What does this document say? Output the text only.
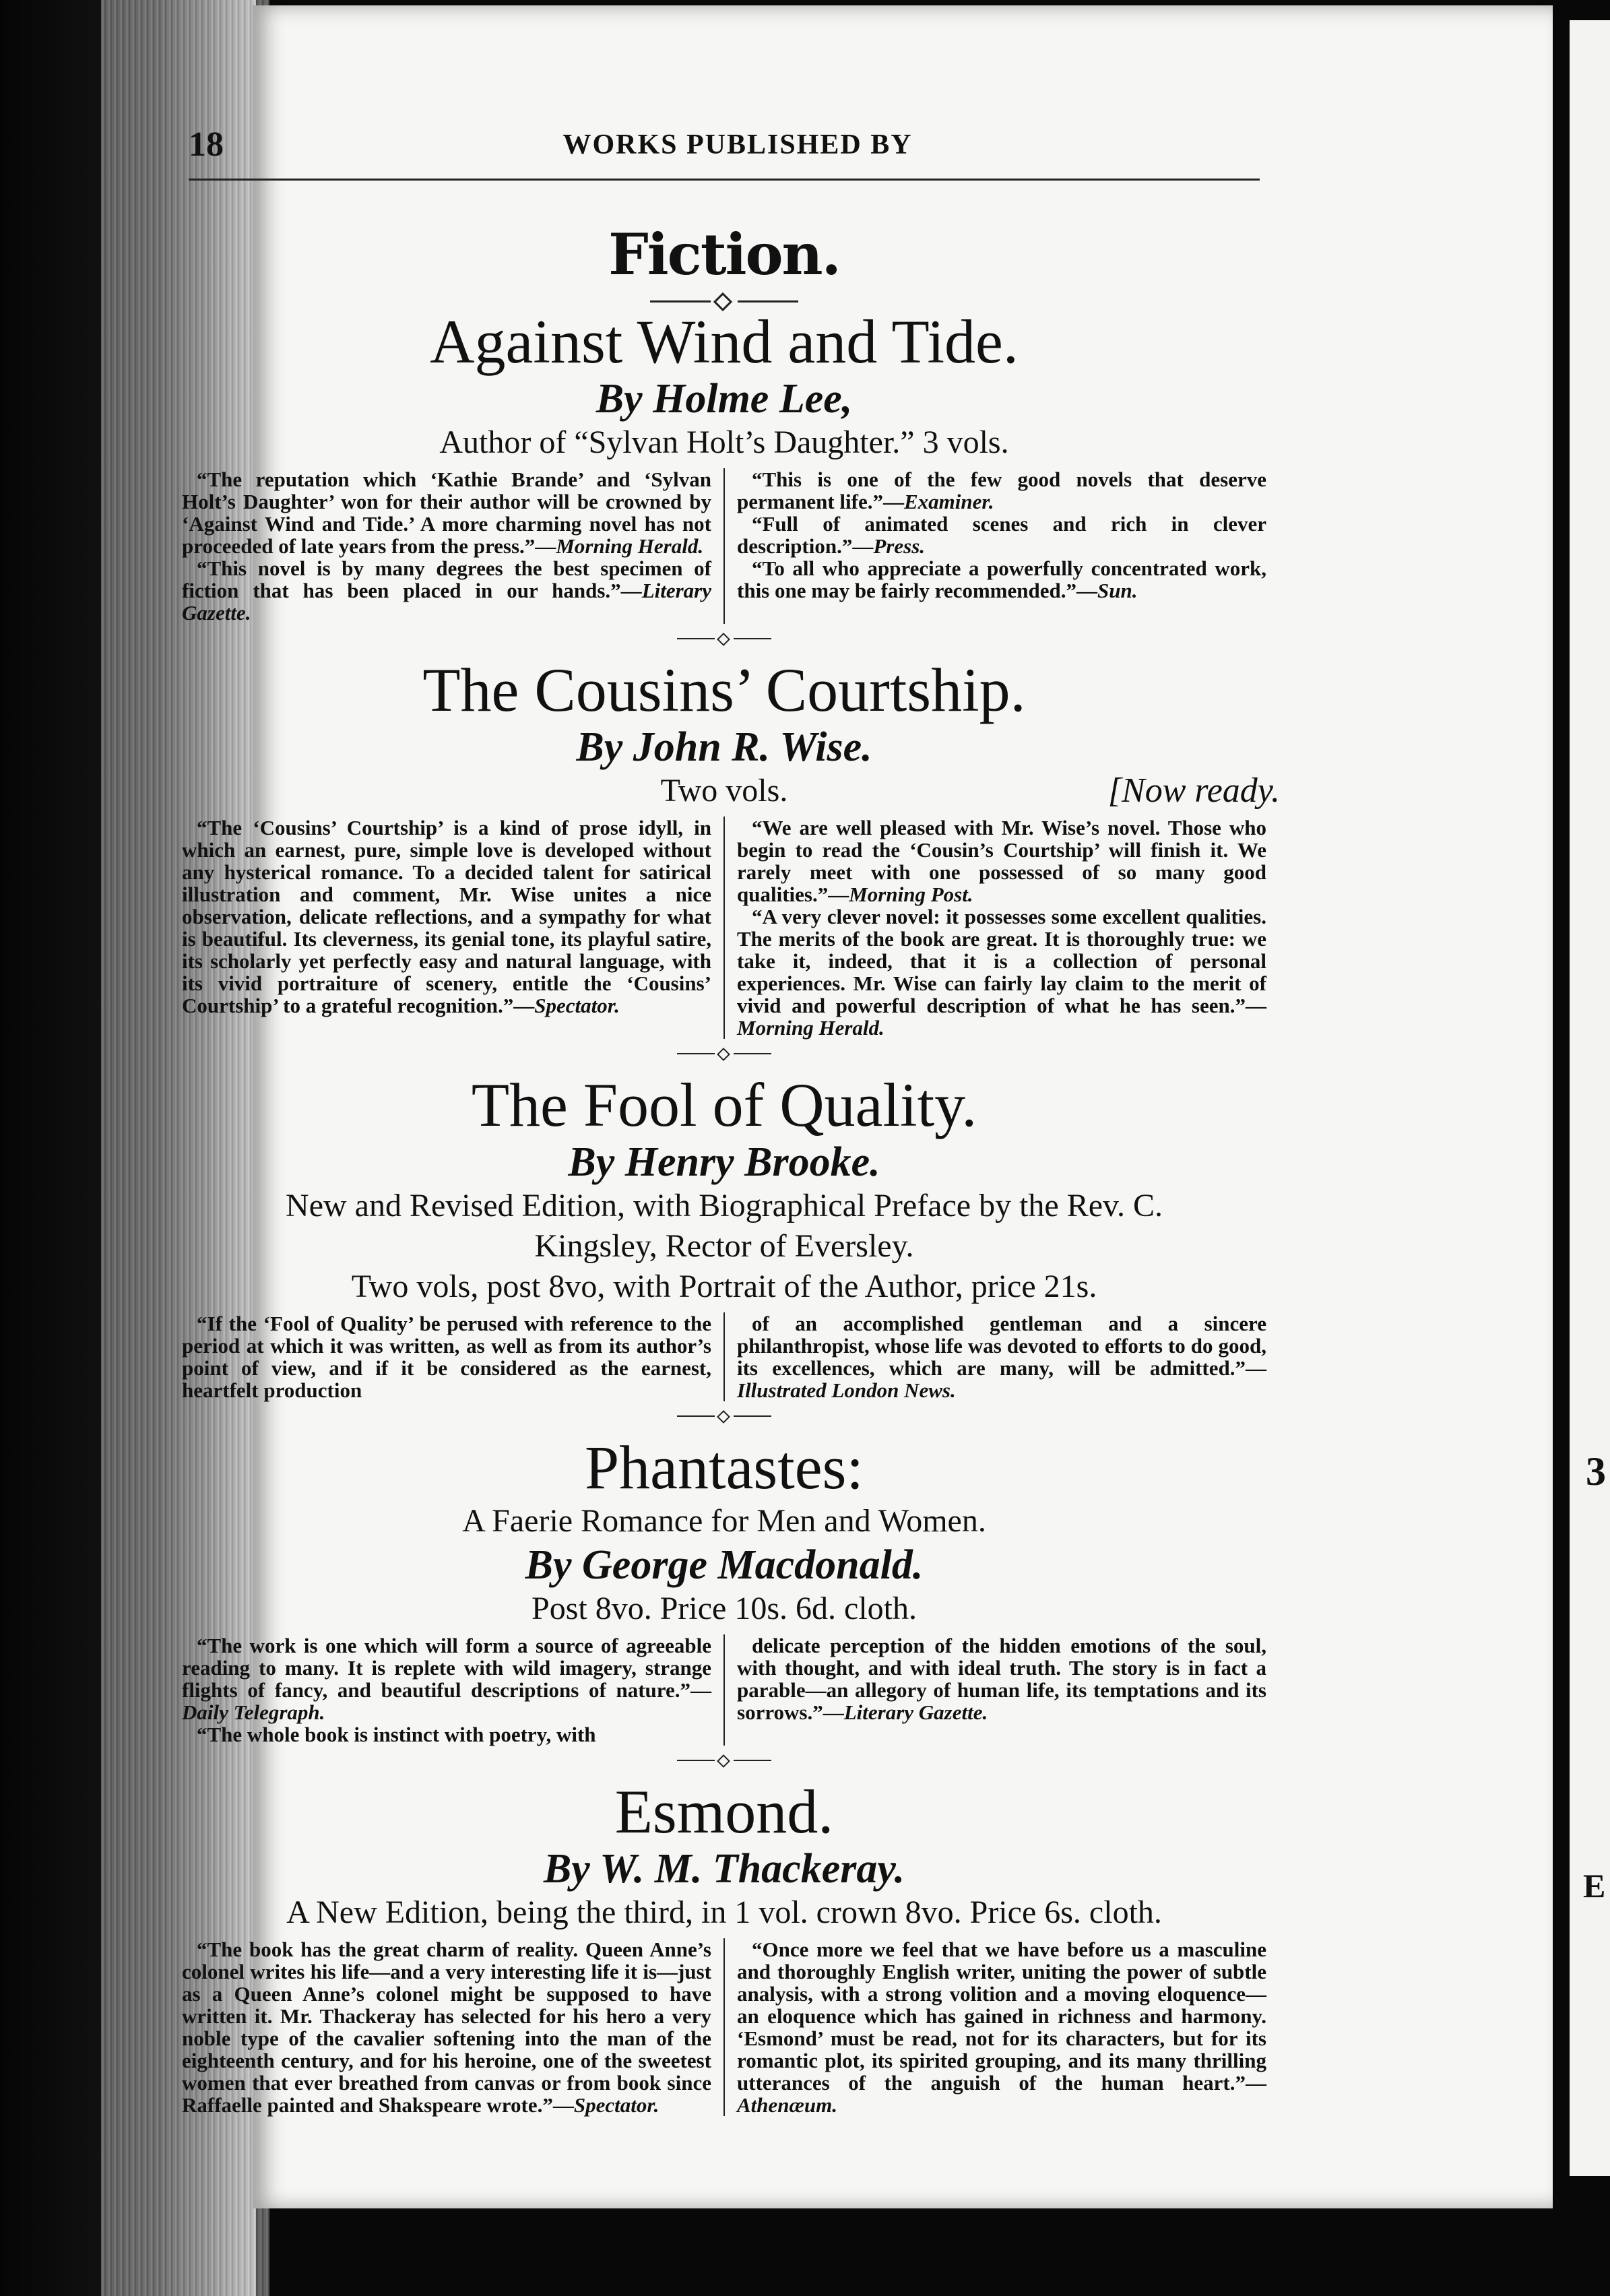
3
E
18	WORKS PUBLISHED BY
Fiction.
Against Wind and Tide.
By Holme Lee,
Author of “Sylvan Holt’s Daughter.” 3 vols.

“The reputation which ‘Kathie Brande’ and ‘Sylvan Holt’s Daughter’ won for their author will be crowned by ‘Against Wind and Tide.’ A more charming novel has not proceeded of late years from the press.”—Morning Herald.

“This novel is by many degrees the best specimen of fiction that has been placed in our hands.”—Literary Gazette.

“This is one of the few good novels that deserve permanent life.”—Examiner.

“Full of animated scenes and rich in clever description.”—Press.

“To all who appreciate a powerfully concentrated work, this one may be fairly recommended.”—Sun.

The Cousins’ Courtship.
By John R. Wise.
Two vols.	[Now ready.

“The ‘Cousins’ Courtship’ is a kind of prose idyll, in which an earnest, pure, simple love is developed without any hysterical romance. To a decided talent for satirical illustration and comment, Mr. Wise unites a nice observation, delicate reflections, and a sympathy for what is beautiful. Its cleverness, its genial tone, its playful satire, its scholarly yet perfectly easy and natural language, with its vivid portraiture of scenery, entitle the ‘Cousins’ Courtship’ to a grateful recognition.”—Spectator.

“We are well pleased with Mr. Wise’s novel. Those who begin to read the ‘Cousin’s Courtship’ will finish it. We rarely meet with one possessed of so many good qualities.”—Morning Post.

“A very clever novel: it possesses some excellent qualities. The merits of the book are great. It is thoroughly true: we take it, indeed, that it is a collection of personal experiences. Mr. Wise can fairly lay claim to the merit of vivid and powerful description of what he has seen.”—Morning Herald.

The Fool of Quality.
By Henry Brooke.
New and Revised Edition, with Biographical Preface by the Rev. C.
Kingsley, Rector of Eversley.
Two vols, post 8vo, with Portrait of the Author, price 21s.

“If the ‘Fool of Quality’ be perused with reference to the period at which it was written, as well as from its author’s point of view, and if it be considered as the earnest, heartfelt production

of an accomplished gentleman and a sincere philanthropist, whose life was devoted to efforts to do good, its excellences, which are many, will be admitted.”—Illustrated London News.

Phantastes:
A Faerie Romance for Men and Women.
By George Macdonald.
Post 8vo. Price 10s. 6d. cloth.

“The work is one which will form a source of agreeable reading to many. It is replete with wild imagery, strange flights of fancy, and beautiful descriptions of nature.”—Daily Telegraph.

“The whole book is instinct with poetry, with

delicate perception of the hidden emotions of the soul, with thought, and with ideal truth. The story is in fact a parable—an allegory of human life, its temptations and its sorrows.”—Literary Gazette.

Esmond.
By W. M. Thackeray.
A New Edition, being the third, in 1 vol. crown 8vo. Price 6s. cloth.

“The book has the great charm of reality. Queen Anne’s colonel writes his life—and a very interesting life it is—just as a Queen Anne’s colonel might be supposed to have written it. Mr. Thackeray has selected for his hero a very noble type of the cavalier softening into the man of the eighteenth century, and for his heroine, one of the sweetest women that ever breathed from canvas or from book since Raffaelle painted and Shakspeare wrote.”—Spectator.

“Once more we feel that we have before us a masculine and thoroughly English writer, uniting the power of subtle analysis, with a strong volition and a moving eloquence—an eloquence which has gained in richness and harmony. ‘Esmond’ must be read, not for its characters, but for its romantic plot, its spirited grouping, and its many thrilling utterances of the anguish of the human heart.”—Athenæum.
